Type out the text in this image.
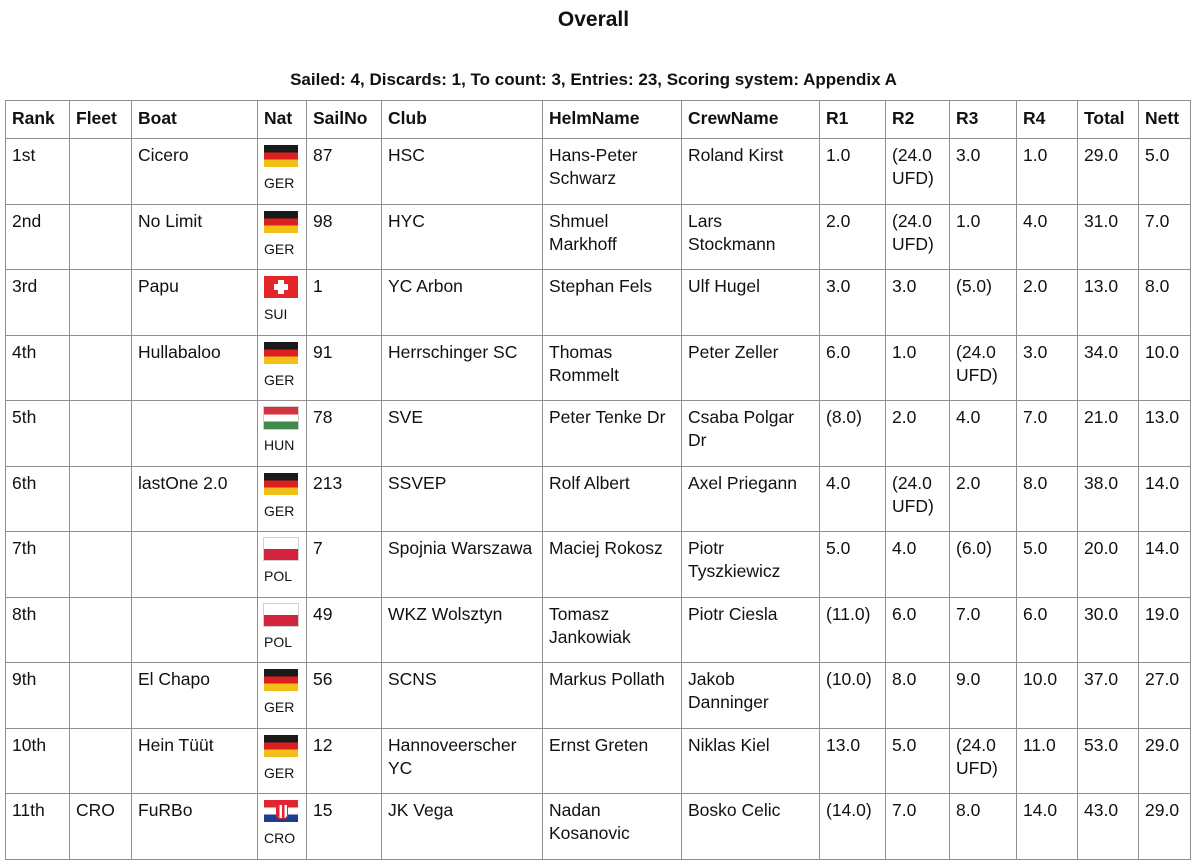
Overall
Sailed: 4, Discards: 1, To count: 3, Entries: 23, Scoring system: Appendix A
Rank	Fleet	Boat	Nat	SailNo	Club	HelmName	CrewName	R1	R2	R3	R4	Total	Nett
1st		Cicero	GER	87	HSC	Hans-Peter Schwarz	Roland Kirst	1.0	(24.0 UFD)	3.0	1.0	29.0	5.0
2nd		No Limit	GER	98	HYC	Shmuel Markhoff	Lars Stockmann	2.0	(24.0 UFD)	1.0	4.0	31.0	7.0
3rd		Papu	SUI	1	YC Arbon	Stephan Fels	Ulf Hugel	3.0	3.0	(5.0)	2.0	13.0	8.0
4th		Hullabaloo	GER	91	Herrschinger SC	Thomas Rommelt	Peter Zeller	6.0	1.0	(24.0 UFD)	3.0	34.0	10.0
5th			HUN	78	SVE	Peter Tenke Dr	Csaba Polgar Dr	(8.0)	2.0	4.0	7.0	21.0	13.0
6th		lastOne 2.0	GER	213	SSVEP	Rolf Albert	Axel Priegann	4.0	(24.0 UFD)	2.0	8.0	38.0	14.0
7th			POL	7	Spojnia Warszawa	Maciej Rokosz	Piotr Tyszkiewicz	5.0	4.0	(6.0)	5.0	20.0	14.0
8th			POL	49	WKZ Wolsztyn	Tomasz Jankowiak	Piotr Ciesla	(11.0)	6.0	7.0	6.0	30.0	19.0
9th		El Chapo	GER	56	SCNS	Markus Pollath	Jakob Danninger	(10.0)	8.0	9.0	10.0	37.0	27.0
10th		Hein Tüüt	GER	12	Hannoveerscher YC	Ernst Greten	Niklas Kiel	13.0	5.0	(24.0 UFD)	11.0	53.0	29.0
11th	CRO	FuRBo	CRO	15	JK Vega	Nadan Kosanovic	Bosko Celic	(14.0)	7.0	8.0	14.0	43.0	29.0
